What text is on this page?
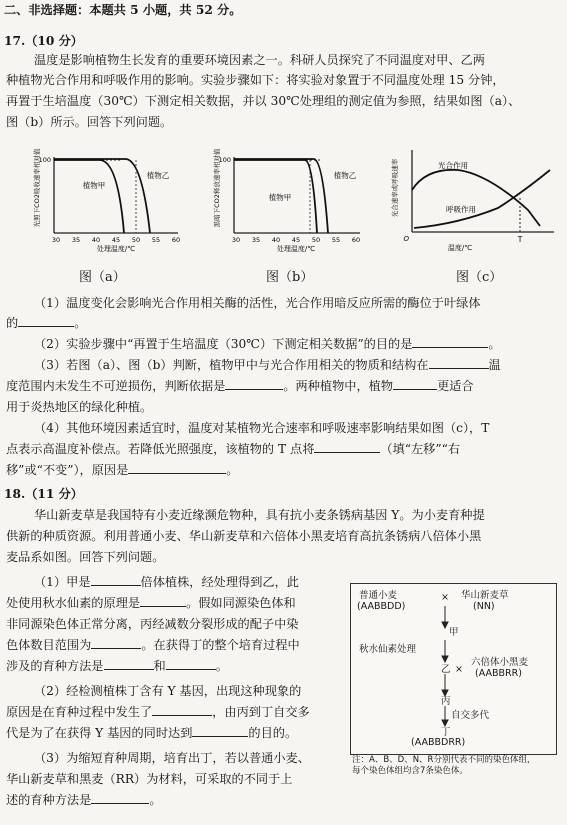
二、非选择题：本题共 5 小题，共 52 分。
17.（10 分）
温度是影响植物生长发育的重要环境因素之一。科研人员探究了不同温度对甲、乙两
种植物光合作用和呼吸作用的影响。实验步骤如下：将实验对象置于不同温度处理 15 分钟，
再置于生培温度（30℃）下测定相关数据，并以 30℃处理组的测定值为参照，结果如图（a）、
图（b）所示。回答下列问题。
光照下CO2吸收速率相对值
100
植物甲
植物乙
30 35 40 45 50 55 60
处理温度/℃
黑暗下CO2释放速率相对值
100
植物甲
植物乙
30 35 40 45 50 55 60
处理温度/℃
光合速率或呼吸速率	光合作用
呼吸作用
O	T
温度/℃
图（a）	图（b）	图（c）
（1）温度变化会影响光合作用相关酶的活性，光合作用暗反应所需的酶位于叶绿体
的	。
（2）实验步骤中“再置于生培温度（30℃）下测定相关数据”的目的是	。
（3）若图（a）、图（b）判断，植物甲中与光合作用相关的物质和结构在	温
度范围内未发生不可逆损伤，判断依据是	。两种植物中，植物	更适合
用于炎热地区的绿化种植。
（4）其他环境因素适宜时，温度对某植物光合速率和呼吸速率影响结果如图（c），T
点表示高温度补偿点。若降低光照强度，该植物的 T 点将	（填“左移”“右
移”或“不变”），原因是	。
18.（11 分）
华山新麦草是我国特有小麦近缘濒危物种，具有抗小麦条锈病基因 Y。为小麦育种提
供新的种质资源。利用普通小麦、华山新麦草和六倍体小黑麦培育高抗条锈病八倍体小黑
麦品系如图。回答下列问题。
（1）甲是	倍体植株，经处理得到乙，此
处使用秋水仙素的原理是	。假如同源染色体和
非同源染色体正常分离，丙经减数分裂形成的配子中染
色体数目范围为	。在获得丁的整个培育过程中
涉及的育种方法是	和	。
（2）经检测植株丁含有 Y 基因，出现这种现象的
原因是在育种过程中发生了	，由丙到丁自交多
代是为了在获得 Y 基因的同时达到	的目的。
（3）为缩短育种周期，培育出丁，若以普通小麦、
华山新麦草和黑麦（RR）为材料，可采取的不同于上
述的育种方法是	。
普通小麦
(AABBDD)
× 华山新麦草
(NN)
甲
秋水仙素处理
乙 ×
六倍体小黑麦
(AABBRR)
丙
自交多代
丁
(AABBDRR)
注：A、B、D、N、R分别代表不同的染色体组，
每个染色体组均含7条染色体。
